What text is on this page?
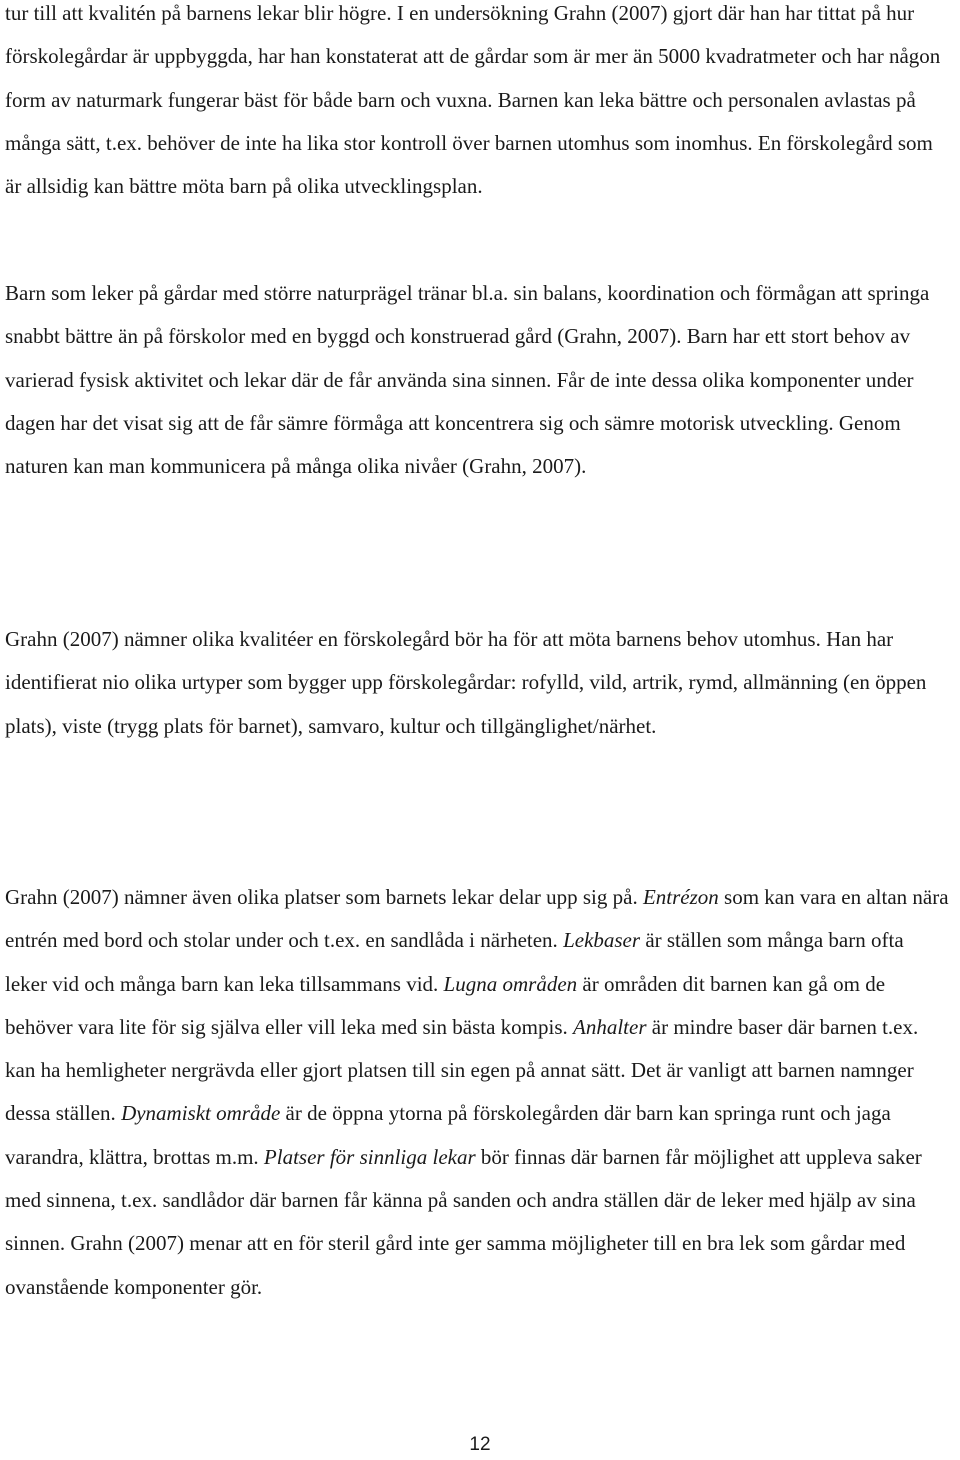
tur till att kvalitén på barnens lekar blir högre. I en undersökning Grahn (2007) gjort där han har tittat på hur förskolegårdar är uppbyggda, har han konstaterat att de gårdar som är mer än 5000 kvadratmeter och har någon form av naturmark fungerar bäst för både barn och vuxna. Barnen kan leka bättre och personalen avlastas på många sätt, t.ex. behöver de inte ha lika stor kontroll över barnen utomhus som inomhus. En förskolegård som är allsidig kan bättre möta barn på olika utvecklingsplan.

Barn som leker på gårdar med större naturprägel tränar bl.a. sin balans, koordination och förmågan att springa snabbt bättre än på förskolor med en byggd och konstruerad gård (Grahn, 2007). Barn har ett stort behov av varierad fysisk aktivitet och lekar där de får använda sina sinnen. Får de inte dessa olika komponenter under dagen har det visat sig att de får sämre förmåga att koncentrera sig och sämre motorisk utveckling. Genom naturen kan man kommunicera på många olika nivåer (Grahn, 2007).

Grahn (2007) nämner olika kvalitéer en förskolegård bör ha för att möta barnens behov utomhus. Han har identifierat nio olika urtyper som bygger upp förskolegårdar: rofylld, vild, artrik, rymd, allmänning (en öppen plats), viste (trygg plats för barnet), samvaro, kultur och tillgänglighet/närhet.

Grahn (2007) nämner även olika platser som barnets lekar delar upp sig på. Entrézon som kan vara en altan nära entrén med bord och stolar under och t.ex. en sandlåda i närheten. Lekbaser är ställen som många barn ofta leker vid och många barn kan leka tillsammans vid. Lugna områden är områden dit barnen kan gå om de behöver vara lite för sig själva eller vill leka med sin bästa kompis. Anhalter är mindre baser där barnen t.ex. kan ha hemligheter nergrävda eller gjort platsen till sin egen på annat sätt. Det är vanligt att barnen namnger dessa ställen. Dynamiskt område är de öppna ytorna på förskolegården där barn kan springa runt och jaga varandra, klättra, brottas m.m. Platser för sinnliga lekar bör finnas där barnen får möjlighet att uppleva saker med sinnena, t.ex. sandlådor där barnen får känna på sanden och andra ställen där de leker med hjälp av sina sinnen. Grahn (2007) menar att en för steril gård inte ger samma möjligheter till en bra lek som gårdar med ovanstående komponenter gör.

12
